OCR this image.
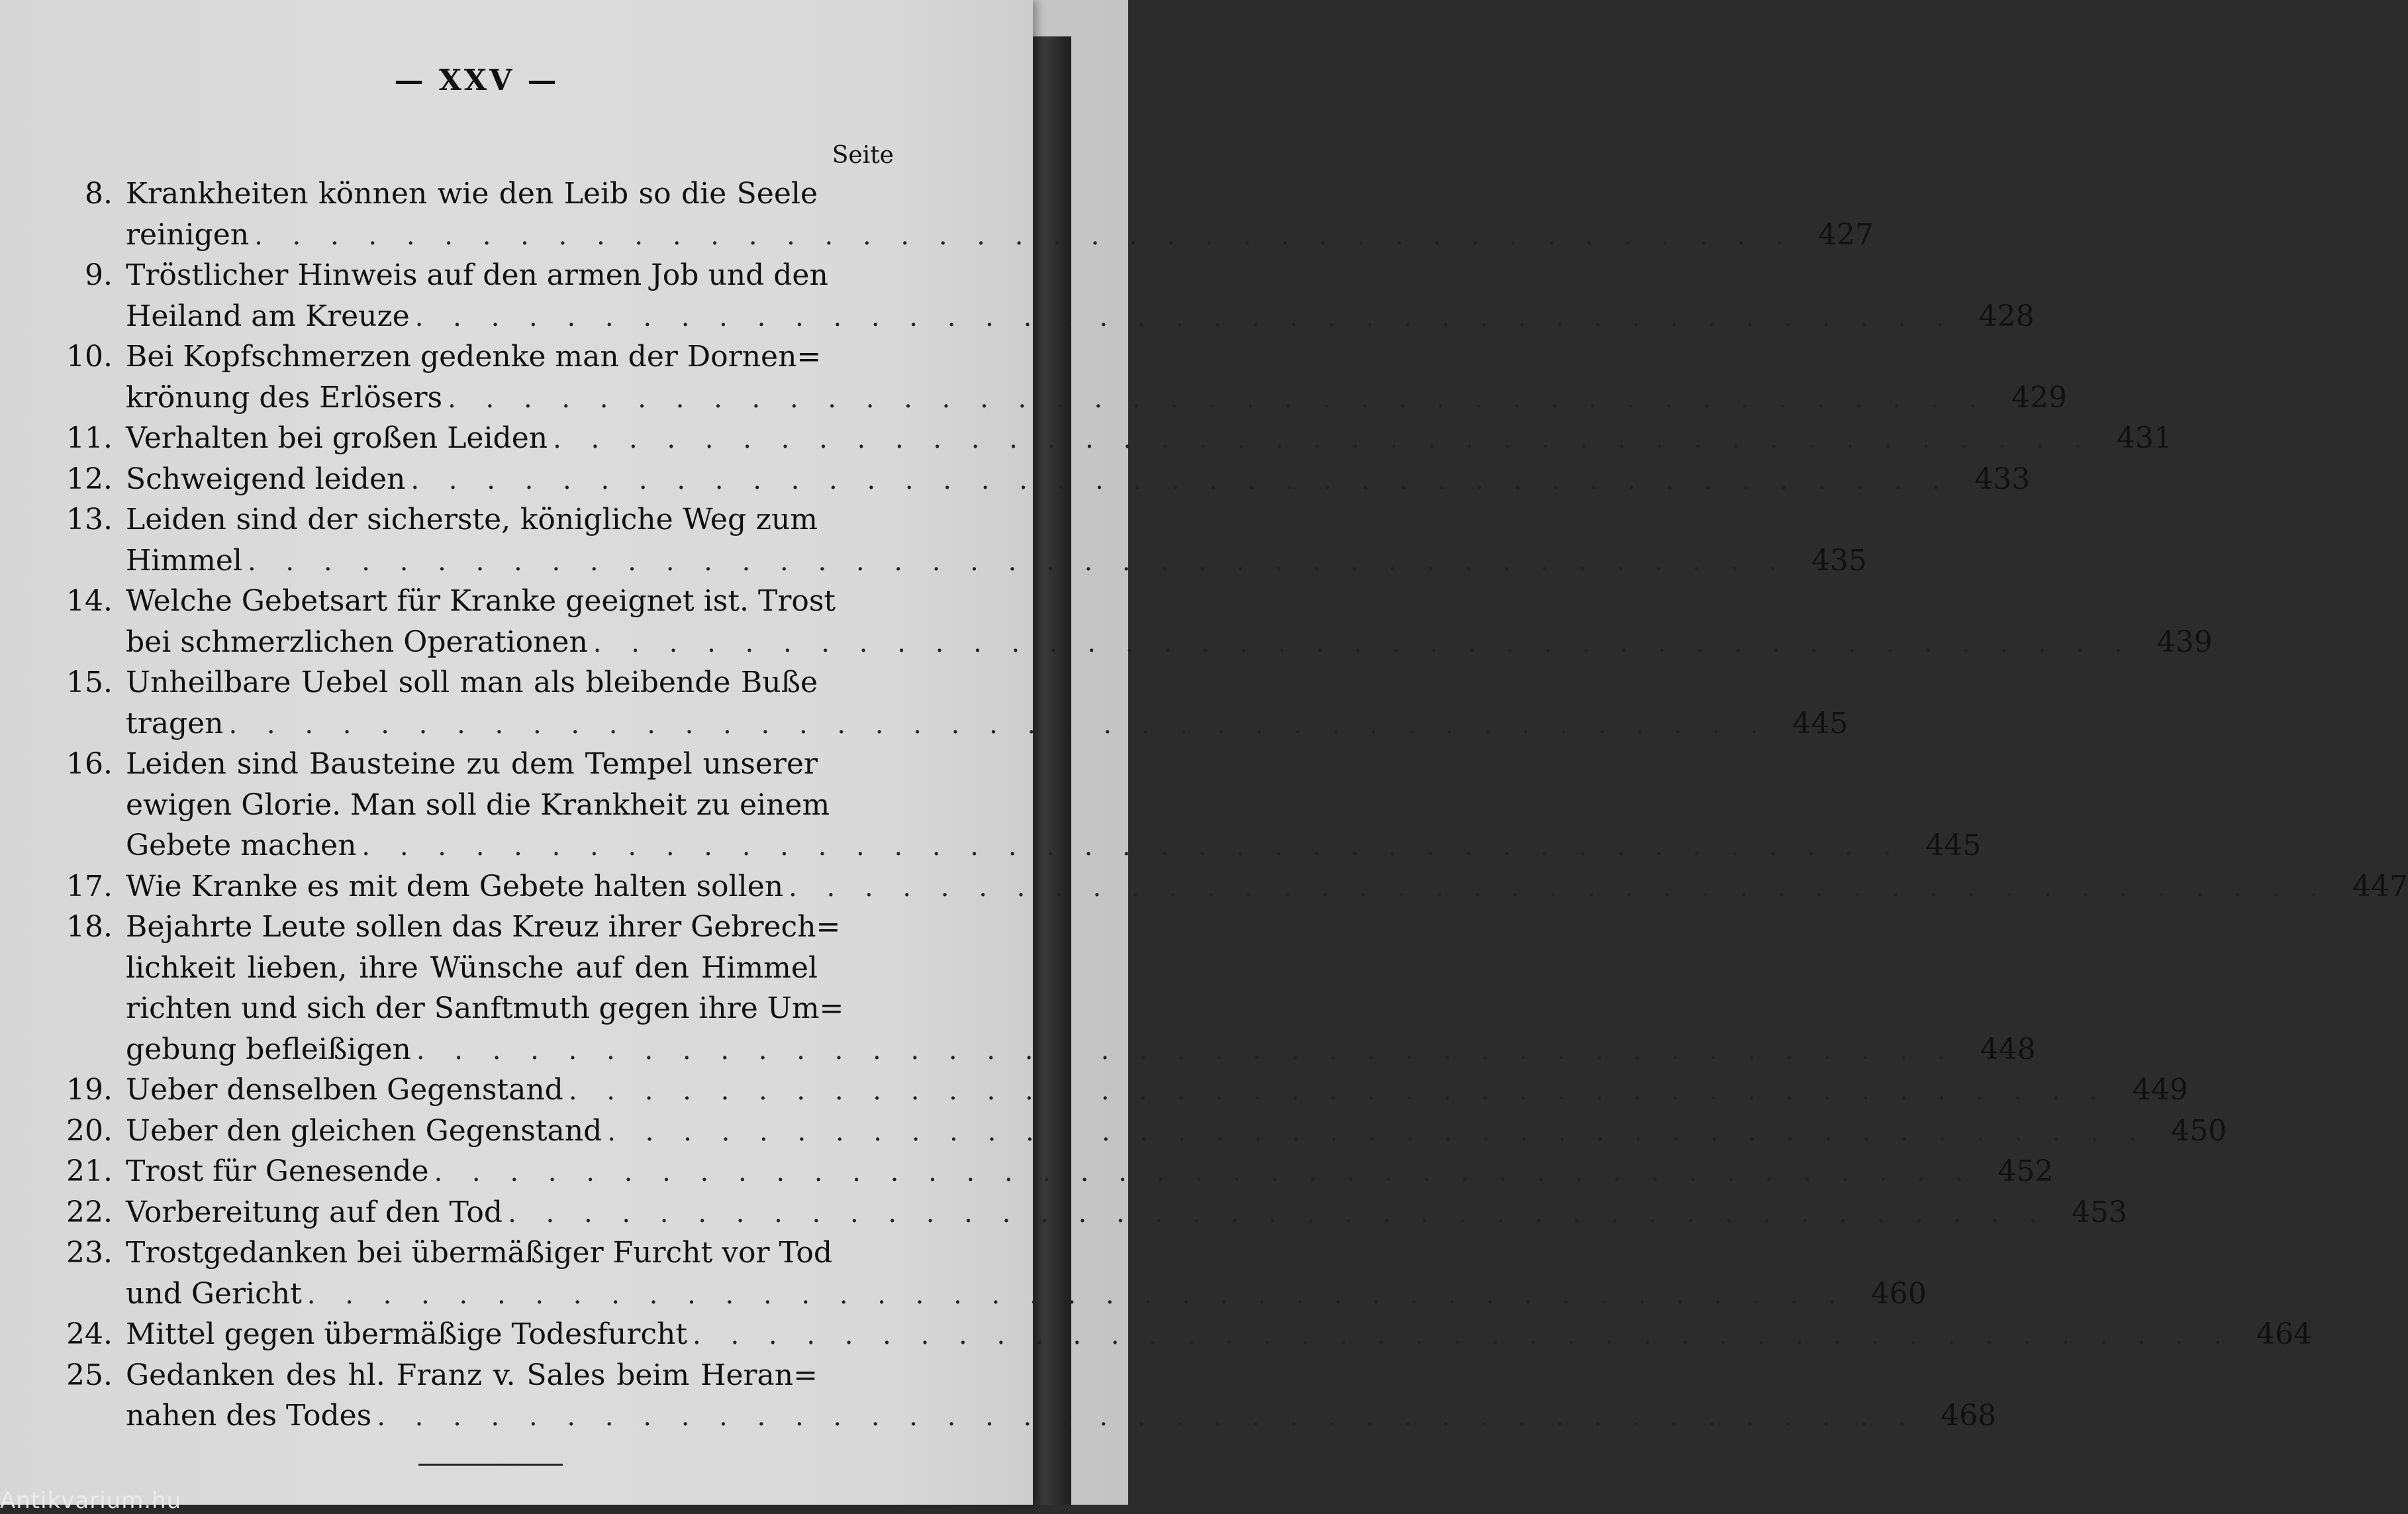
— XXV —
Seite
8. Krankheiten können wie den Leib so die Seele
reinigen . . . . . . . . . . . . . . . . . . . . . . . . . . . . . . . . . . . . . . . . . 427
9. Tröstlicher Hinweis auf den armen Job und den
Heiland am Kreuze . . . . . . . . . . . . . . . . . . . . . . . . . . . . . . . . . . . . . . . . . 428
10. Bei Kopfschmerzen gedenke man der Dornen=
krönung des Erlösers . . . . . . . . . . . . . . . . . . . . . . . . . . . . . . . . . . . . . . . . . 429
11. Verhalten bei großen Leiden . . . . . . . . . . . . . . . . . . . . . . . . . . . . . . . . . . . . . . . . . 431
12. Schweigend leiden . . . . . . . . . . . . . . . . . . . . . . . . . . . . . . . . . . . . . . . . . 433
13. Leiden sind der sicherste, königliche Weg zum
Himmel . . . . . . . . . . . . . . . . . . . . . . . . . . . . . . . . . . . . . . . . . 435
14. Welche Gebetsart für Kranke geeignet ist. Trost
bei schmerzlichen Operationen . . . . . . . . . . . . . . . . . . . . . . . . . . . . . . . . . . . . . . . . . 439
15. Unheilbare Uebel soll man als bleibende Buße
tragen . . . . . . . . . . . . . . . . . . . . . . . . . . . . . . . . . . . . . . . . . 445
16. Leiden sind Bausteine zu dem Tempel unserer
ewigen Glorie. Man soll die Krankheit zu einem
Gebete machen . . . . . . . . . . . . . . . . . . . . . . . . . . . . . . . . . . . . . . . . . 445
17. Wie Kranke es mit dem Gebete halten sollen . . . . . . . . . . . . . . . . . . . . . . . . . . . . . . . . . . . . . . . . . 447
18. Bejahrte Leute sollen das Kreuz ihrer Gebrech=
lichkeit lieben, ihre Wünsche auf den Himmel
richten und sich der Sanftmuth gegen ihre Um=
gebung befleißigen . . . . . . . . . . . . . . . . . . . . . . . . . . . . . . . . . . . . . . . . . 448
19. Ueber denselben Gegenstand . . . . . . . . . . . . . . . . . . . . . . . . . . . . . . . . . . . . . . . . . 449
20. Ueber den gleichen Gegenstand . . . . . . . . . . . . . . . . . . . . . . . . . . . . . . . . . . . . . . . . . 450
21. Trost für Genesende . . . . . . . . . . . . . . . . . . . . . . . . . . . . . . . . . . . . . . . . . 452
22. Vorbereitung auf den Tod . . . . . . . . . . . . . . . . . . . . . . . . . . . . . . . . . . . . . . . . . 453
23. Trostgedanken bei übermäßiger Furcht vor Tod
und Gericht . . . . . . . . . . . . . . . . . . . . . . . . . . . . . . . . . . . . . . . . . 460
24. Mittel gegen übermäßige Todesfurcht . . . . . . . . . . . . . . . . . . . . . . . . . . . . . . . . . . . . . . . . . 464
25. Gedanken des hl. Franz v. Sales beim Heran=
nahen des Todes . . . . . . . . . . . . . . . . . . . . . . . . . . . . . . . . . . . . . . . . . 468
Antikvarium.hu
